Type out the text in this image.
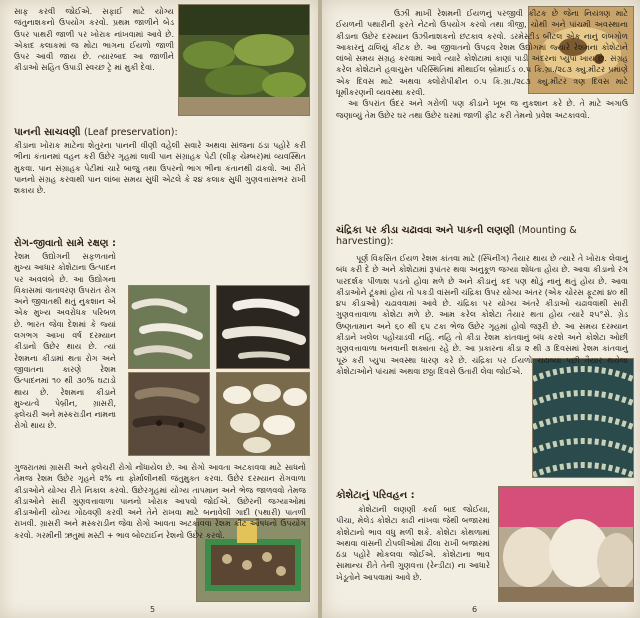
સાફ કરવી જોઈએ. સફાઈ માટે યોગ્ય જંતુનાશકનો ઉપયોગ કરવો. પ્રથમ જાળીને બેડ ઉપર પાથરી જાળી પર ખોરાક નાંખવામાં આવે છે. એકાદ કલાકમાં જ મોટા ભાગના ઈયળો જાળી ઉપર આવી જાય છે. ત્યારબાદ આ જાળીને કીડાઓ સહિત ઉપાડી સ્વચ્છ ટ્રે માં મુકી દેવાં.

પાનની સાચવણી (Leaf preservation):

કીડાના ખોરાક માટેના શેતુરના પાનની વીણી વહેલી સવારે અથવા સાંજના ઠંડા પહોરે કરી ભીના કંતાનમાં વહન કરી ઉછેર ગૃહમાં લાવી પાન સંગ્રાહક પેટી (લીફ ચેમ્બર)માં વ્યવસ્થિત મુકવા. પાન સંગ્રાહક પેટીમાં ચારે બાજુ તથા ઉપરનો ભાગ ભીના કંતાનથી ઢાંકવો. આ રીતે પાનનો સંગ્રહ કરવાથી પાન લાંબા સમય સુધી એટલે કે ૨૪ કલાક સુધી ગુણવત્તાસભર રાખી શકાય છે.

રોગ-જીવાતો સામે રક્ષણ :

રેશમ ઉદ્યોગની સફળતાનો મુખ્ય આધાર કોશેટાના ઉત્પાદન પર અવલંબે છે. આ ઉદ્યોગના વિકાસમાં વાતાવરણ ઉપરાંત રોગ અને જીવાતથી થતું નુકશાન એ એક મુખ્ય અવરોધક પરિબળ છે. ભારત જેવા દેશમાં કે જ્યાં લગભગ આખા વર્ષ દરમ્યાન કીડાનો ઉછેર થાય છે. ત્યાં રેશમના કીડામાં થતા રોગ અને જીવાતના કારણે રેશમ ઉત્પાદનમાં ૧૦ થી ૩૦% ઘટાડો થાય છે. રેશમના કીડાને મુખ્યત્વે પેબ્રીન, ગ્રાસરી, ફ્લેચરી અને મસ્કરાડીન નામના રોગો થાય છે.

ગુજરાતમાં ગ્રાસરી અને ફ્લેચરી રોગો નોંધાયેલ છે. આ રોગો આવતા અટકાવવા માટે સાધનો તેમજ રેશમ ઉછેર ગૃહને ૨% ના ફોર્માલીનથી જંતુમુક્ત કરવા. ઉછેર દરમ્યાન રોગવાળા કીડાઓને યોગ્ય રીતે નિકાલ કરવો. ઉછેરગૃહમાં યોગ્ય તાપમાન અને ભેજ જાળવવો તેમજ કીડાઓને સારી ગુણવત્તાવાળા પાનનો ખોરાક આપવો જોઈએ. ઉછેરની જગ્યાઓમાં કીડાઓની યોગ્ય ગોઠવણી કરવી અને તેને રાખવા માટે બનાવેલી ગાદી (પથારી) પાતળી રાખવી. ગ્રાસરી અને મસ્કરાડીન જેવા રોગો આવતા અટકાવવા રેશમ કીટ ઔષધનો ઉપયોગ કરવો. ગરમીની ઋતુમાં મસ્ટી + ભાવ બોલ્ટાઈન રેશનો ઉછેર કરવો.

5

ઉઝી માખી રેશમની ઈયળનું પરજીવી કીટક છે જેના નિયંત્રણ માટે ઈયળની પથારીની ફરતે નેટનો ઉપયોગ કરવો તથા ત્રીજી, ચોથી અને પાંચમી અવસ્થાના કીડાના ઉછેર દરમ્યાન ઉઝીનાશકનો છંટકાવ કરવો. ડરમેસ્ટીડ બીટલ એક નાનું લંબગોળ આકારનું ઢાલિયું કીટક છે. આ જીવાતનો ઉપદ્રવ રેશમ ઉદ્યોગમાં જ્યારે રેશમના કોશેટાને લાંબો સમય સંગ્રહ કરવામાં આવે ત્યારે કોશેટામાં કાણાં પાડી અંદરના પ્યુપા ખાય છે. સંગ્રહ કરેલ કોશેટાને હવાચુસ્ત પરિસ્થિતિમાં મીથાઈલ બ્રોમાઈડ ૦.૫ કિ.ગ્રા./૨૮૩ ક્યુ.મીટર પ્રમાણે એક દિવસ માટે અથવા ક્લોરોપીક્રીન ૦.૫ કિ.ગ્રા./૨૮૩ ક્યુ.મીટર ત્રણ દિવસ માટે ધૂમીકરણની વ્યવસ્થા કરવી.

આ ઉપરાંત ઉંદર અને ગરોળી પણ કીડાને ખૂબ જ નુકશાન કરે છે. તે માટે અગાઉ જણાવ્યું તેમ ઉછેર ઘર તથા ઉછેર ઘરમાં જાળી ફીટ કરી તેમનો પ્રવેશ અટકાવવો.

ચંદ્રિકા પર કીડા ચઢાવવા અને પાકની લણણી (Mounting & harvesting):

પૂર્ણ વિકસિત ઈયળ રેશમ કાંતવા માટે (સ્પિનીંગ) તૈયાર થાય છે ત્યારે તે ખોરાક લેવાનું બંધ કરી દે છે અને કોશેટામાં રૂપાંતર થવા અનુકૂળ જગ્યા શોધતા હોય છે. આવા કીડાનો રંગ પારદર્શક પીળાશ પડતો હોવા મળે છે અને કીડાનું કદ પણ થોડું નાનું થતું હોય છે. આવા કીડાઓને ટૂંકમાં હોય તો પકડી વાંસની ચંદ્રિકા ઉપર યોગ્ય અંતર (એક ચોરસ ફૂટમાં ૪૦ થી ૪૫ કીડાઓ) ચઢાવવામાં આવે છે. ચંદ્રિકા પર યોગ્ય અંતરે કીડાઓ ચઢાવવાથી સારી ગુણવત્તાવાળા કોશેટા મળે છે. આમ કરેલ કોશેટા તૈયાર થતા હોય ત્યારે ૨૫°સે. ગ્રેડ ઉષ્ણતામાન અને ૬૦ થી ૬૫ ટકા ભેજ ઉછેર ગૃહમાં હોવો જરૂરી છે. આ સમય દરમ્યાન કીડાને ખલેલ પહોંચાડવી નહિ. નહિ તો કીડા રેશમ કાંતવાનું બંધ કરશે અને કોશેટા ઓછી ગુણવત્તાવાળા બનવાની શક્યતા રહે છે. આ પ્રકારના કીડા ૨ થી ૩ દિવસમાં રેશમ કાંતવાનું પૂરું કરી પ્યુપા અવસ્થા ધારણ કરે છે. ચંદ્રિકા પર ઈયળો ચઢાવ્યા પછી તૈયાર થયેલા કોશેટાઓને પાંચમાં અથવા છઠ્ઠા દિવસે ઉતારી લેવા જોઈએ.

કોશેટાનું પરિવહન :

કોશેટાની લણણી કર્યા બાદ જોઈયા, પીચા, મેલેડ કોશેટા કાઢી નાંખવા જેથી બજારમાં કોશેટાનો ભાવ વધુ મળી શકે. કોશેટા કોથળામાં અથવા વાંસની ટોપલીઓમાં ઢીલા રાખી બજારમાં ઠંડા પહોરે મોકલવા જોઈએ. કોશેટાના ભાવ સામાન્ય રીતે તેની ગુણવત્તા (રેન્ડીટા) ના આધારે ખેડૂતોને આપવામાં આવે છે.

6
